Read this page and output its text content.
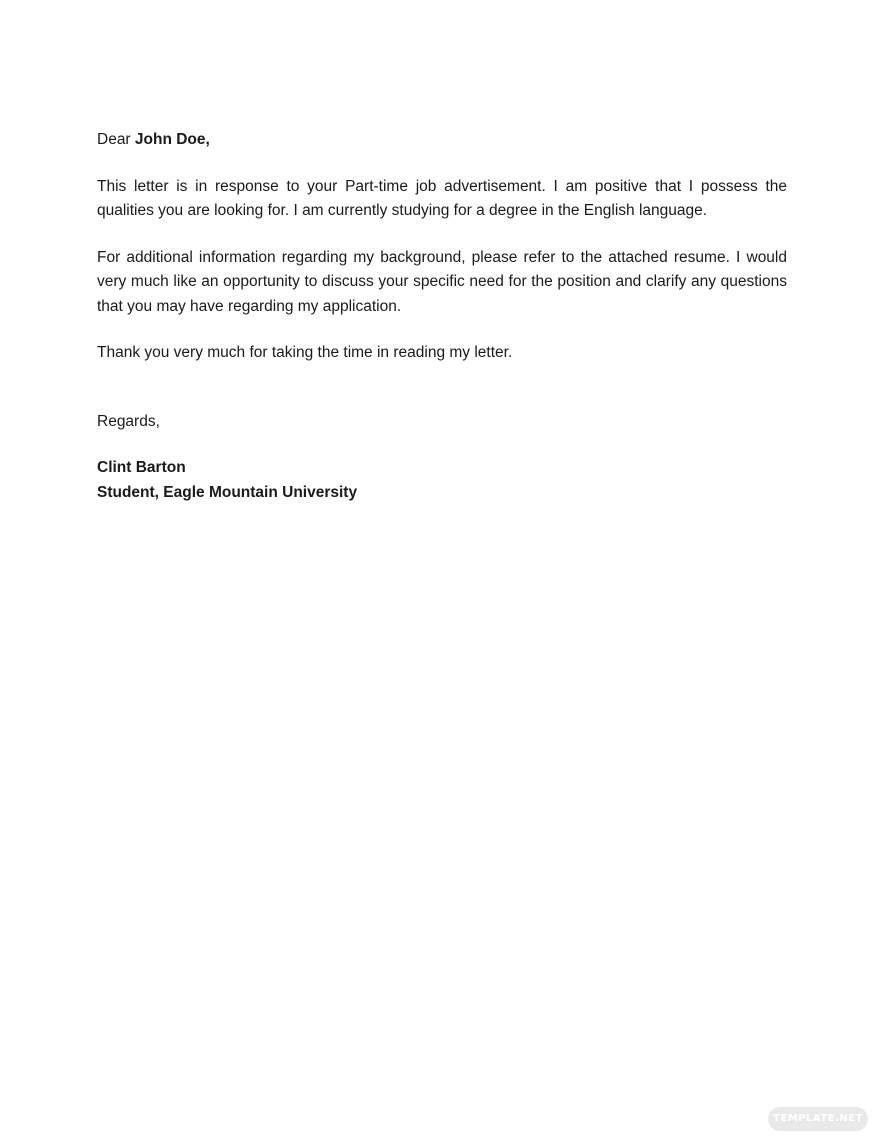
Dear John Doe,

This letter is in response to your Part-time job advertisement. I am positive that I possess the qualities you are looking for. I am currently studying for a degree in the English language.

For additional information regarding my background, please refer to the attached resume. I would very much like an opportunity to discuss your specific need for the position and clarify any questions that you may have regarding my application.

Thank you very much for taking the time in reading my letter.

Regards,

Clint Barton

Student, Eagle Mountain University

TEMPLATE.NET
